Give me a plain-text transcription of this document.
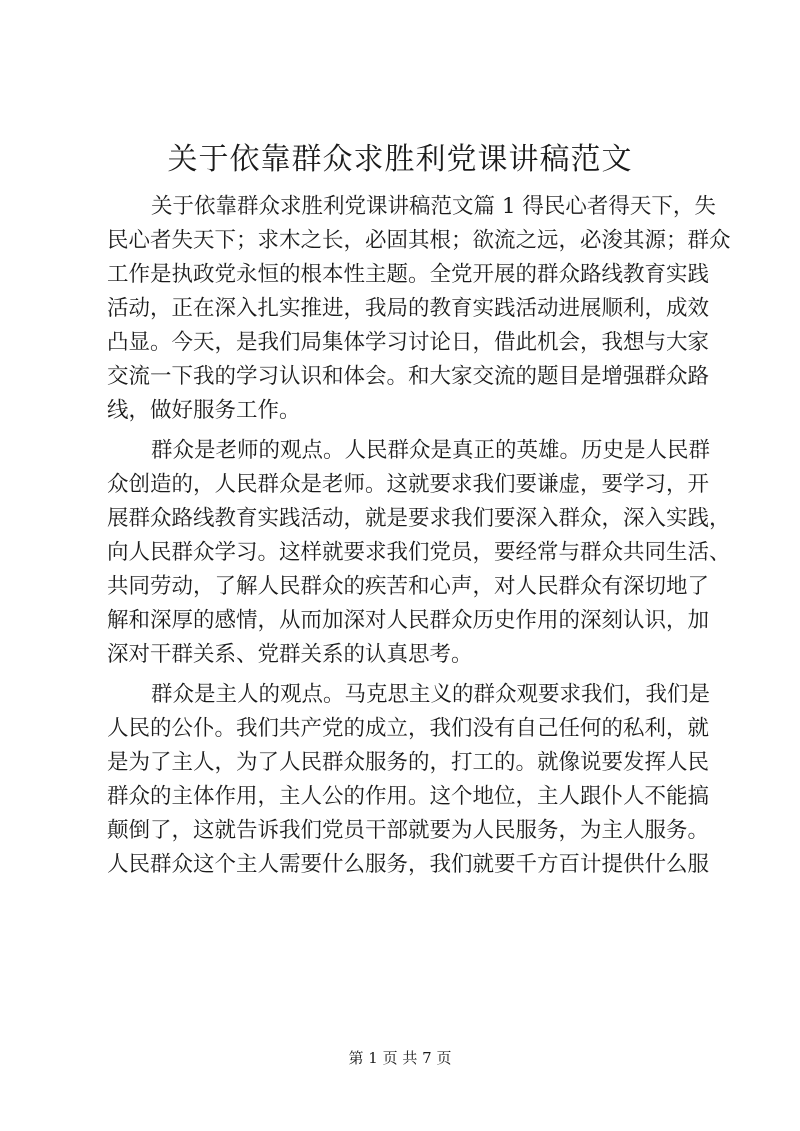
关于依靠群众求胜利党课讲稿范文
关于依靠群众求胜利党课讲稿范文篇 1 得民心者得天下，失
民心者失天下；求木之长，必固其根；欲流之远，必浚其源；群众
工作是执政党永恒的根本性主题。全党开展的群众路线教育实践
活动，正在深入扎实推进，我局的教育实践活动进展顺利，成效
凸显。今天，是我们局集体学习讨论日，借此机会，我想与大家
交流一下我的学习认识和体会。和大家交流的题目是增强群众路
线，做好服务工作。
群众是老师的观点。人民群众是真正的英雄。历史是人民群
众创造的，人民群众是老师。这就要求我们要谦虚，要学习，开
展群众路线教育实践活动，就是要求我们要深入群众，深入实践，
向人民群众学习。这样就要求我们党员，要经常与群众共同生活、
共同劳动，了解人民群众的疾苦和心声，对人民群众有深切地了
解和深厚的感情，从而加深对人民群众历史作用的深刻认识，加
深对干群关系、党群关系的认真思考。
群众是主人的观点。马克思主义的群众观要求我们，我们是
人民的公仆。我们共产党的成立，我们没有自己任何的私利，就
是为了主人，为了人民群众服务的，打工的。就像说要发挥人民
群众的主体作用，主人公的作用。这个地位，主人跟仆人不能搞
颠倒了，这就告诉我们党员干部就要为人民服务，为主人服务。
人民群众这个主人需要什么服务，我们就要千方百计提供什么服
第 1 页 共 7 页
